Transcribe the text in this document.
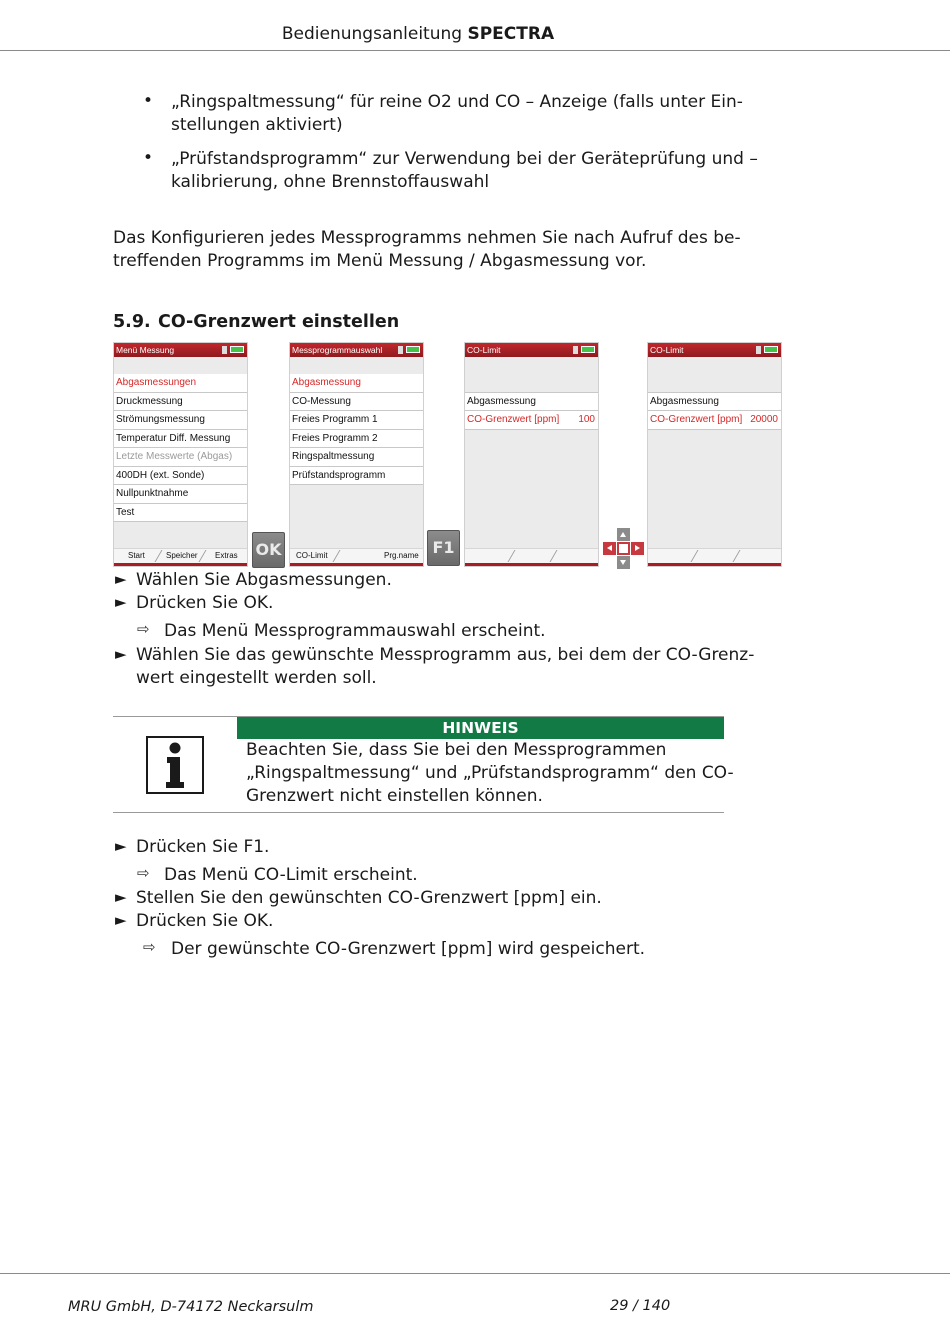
Bedienungsanleitung SPECTRA
• „Ringspaltmessung“ für reine O2 und CO – Anzeige (falls unter Ein-
stellungen aktiviert)
• „Prüfstandsprogramm“ zur Verwendung bei der Geräteprüfung und –
kalibrierung, ohne Brennstoffauswahl
Das Konfigurieren jedes Messprogramms nehmen Sie nach Aufruf des be-
treffenden Programms im Menü Messung / Abgasmessung vor.
5.9. CO-Grenzwert einstellen
Menü Messung
Abgasmessungen
Druckmessung
Strömungsmessung
Temperatur Diff. Messung
Letzte Messwerte (Abgas)
400DH (ext. Sonde)
Nullpunktnahme
Test
Start	Speicher Extras OK
Messprogrammauswahl
Abgasmessung
CO-Messung
Freies Programm 1
Freies Programm 2
Ringspaltmessung
Prüfstandsprogramm
CO-Limit	Prg.name F1
CO-Limit
Abgasmessung
CO-Grenzwert [ppm] 100
CO-Limit
Abgasmessung
CO-Grenzwert [ppm] 20000
► Wählen Sie Abgasmessungen.
► Drücken Sie OK.
⇨ Das Menü Messprogrammauswahl erscheint.
► Wählen Sie das gewünschte Messprogramm aus, bei dem der CO-Grenz-
wert eingestellt werden soll.
HINWEIS
Beachten Sie, dass Sie bei den Messprogrammen
„Ringspaltmessung“ und „Prüfstandsprogramm“ den CO-
Grenzwert nicht einstellen können.
► Drücken Sie F1.
⇨ Das Menü CO-Limit erscheint.
► Stellen Sie den gewünschten CO-Grenzwert [ppm] ein.
► Drücken Sie OK.
⇨ Der gewünschte CO-Grenzwert [ppm] wird gespeichert.
MRU GmbH, D-74172 Neckarsulm	29 / 140
